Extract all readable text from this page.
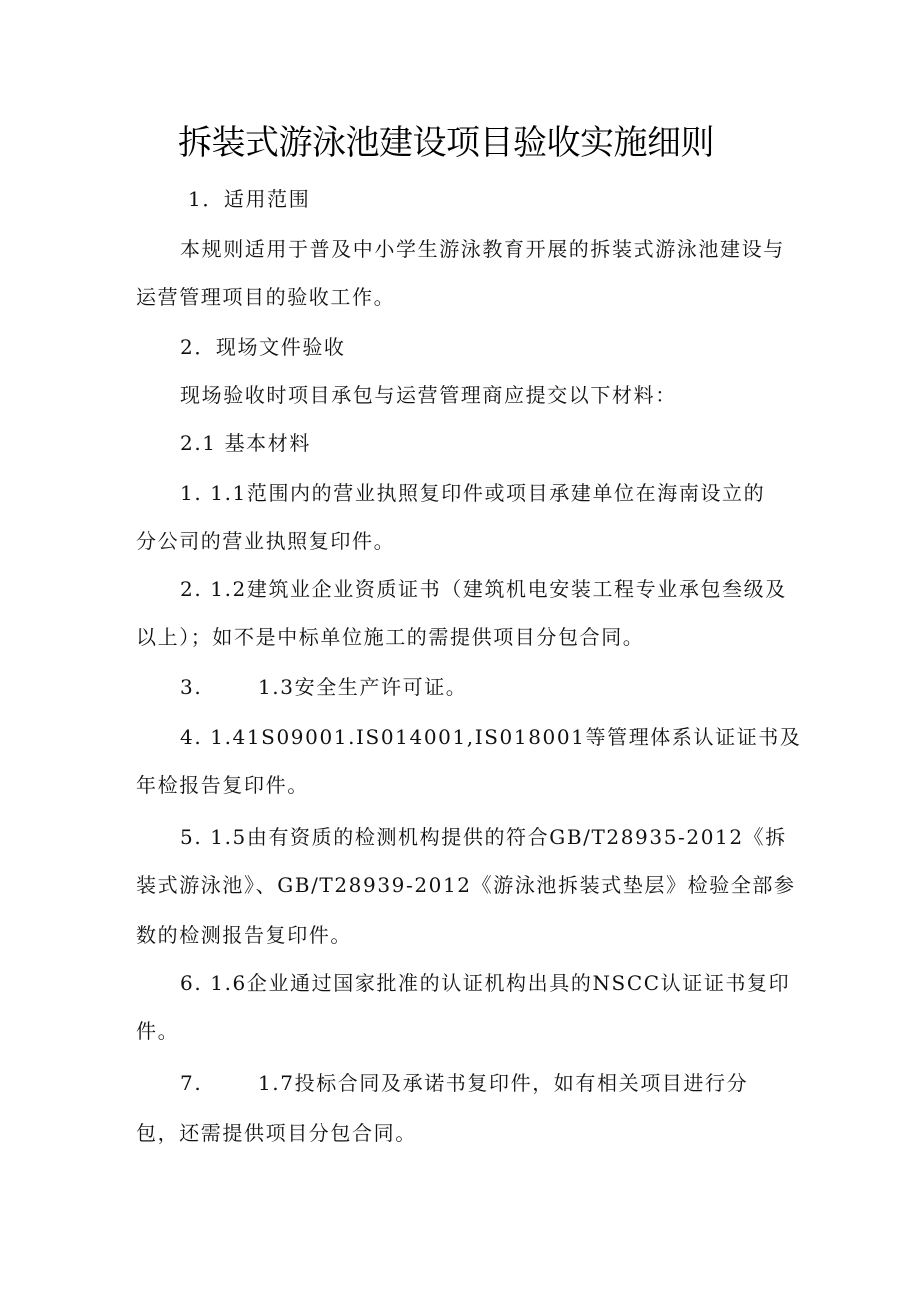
拆装式游泳池建设项目验收实施细则
1．适用范围
本规则适用于普及中小学生游泳教育开展的拆装式游泳池建设与
运营管理项目的验收工作。
2．现场文件验收
现场验收时项目承包与运营管理商应提交以下材料：
2.1 基本材料
1. 1.1范围内的营业执照复印件或项目承建单位在海南设立的
分公司的营业执照复印件。
2. 1.2建筑业企业资质证书（建筑机电安装工程专业承包叁级及
以上）；如不是中标单位施工的需提供项目分包合同。
3.       1.3安全生产许可证。
4. 1.41S09001.IS014001,IS018001等管理体系认证证书及
年检报告复印件。
5. 1.5由有资质的检测机构提供的符合GB/T28935-2012《拆
装式游泳池》、GB/T28939-2012《游泳池拆装式垫层》检验全部参
数的检测报告复印件。
6. 1.6企业通过国家批准的认证机构出具的NSCC认证证书复印
件。
7.       1.7投标合同及承诺书复印件，如有相关项目进行分
包，还需提供项目分包合同。
